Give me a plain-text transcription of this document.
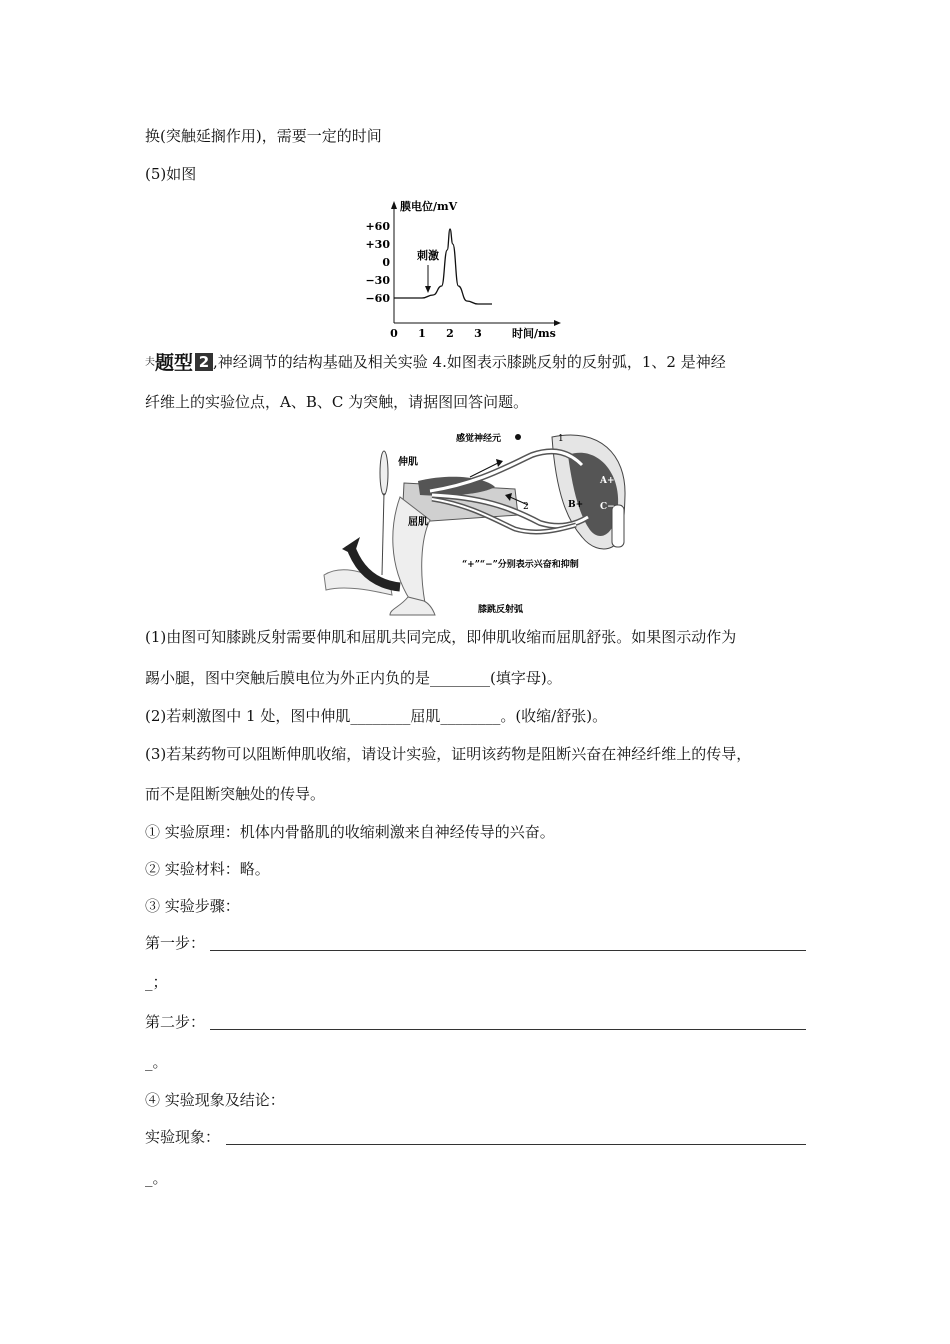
换(突触延搁作用)，需要一定的时间
(5)如图
膜电位/mV
时间/ms
刺激
+60
+30
0
−30
−60
0 1 2 3
夫题型 2 ,神经调节的结构基础及相关实验 4.如图表示膝跳反射的反射弧，1、2 是神经
纤维上的实验位点，A、B、C 为突触，请据图回答问题。
感觉神经元
伸肌
屈肌
1
2
A+
B+ C−
“+”“−”分别表示兴奋和抑制
膝跳反射弧
(1)由图可知膝跳反射需要伸肌和屈肌共同完成，即伸肌收缩而屈肌舒张。如果图示动作为
踢小腿，图中突触后膜电位为外正内负的是________(填字母)。
(2)若刺激图中 1 处，图中伸肌________屈肌________。(收缩/舒张)。
(3)若某药物可以阻断伸肌收缩，请设计实验，证明该药物是阻断兴奋在神经纤维上的传导，
而不是阻断突触处的传导。
① 实验原理：机体内骨骼肌的收缩刺激来自神经传导的兴奋。
② 实验材料：略。
③ 实验步骤：
第一步：
_；
第二步：
_。
④ 实验现象及结论：
实验现象：
_。
